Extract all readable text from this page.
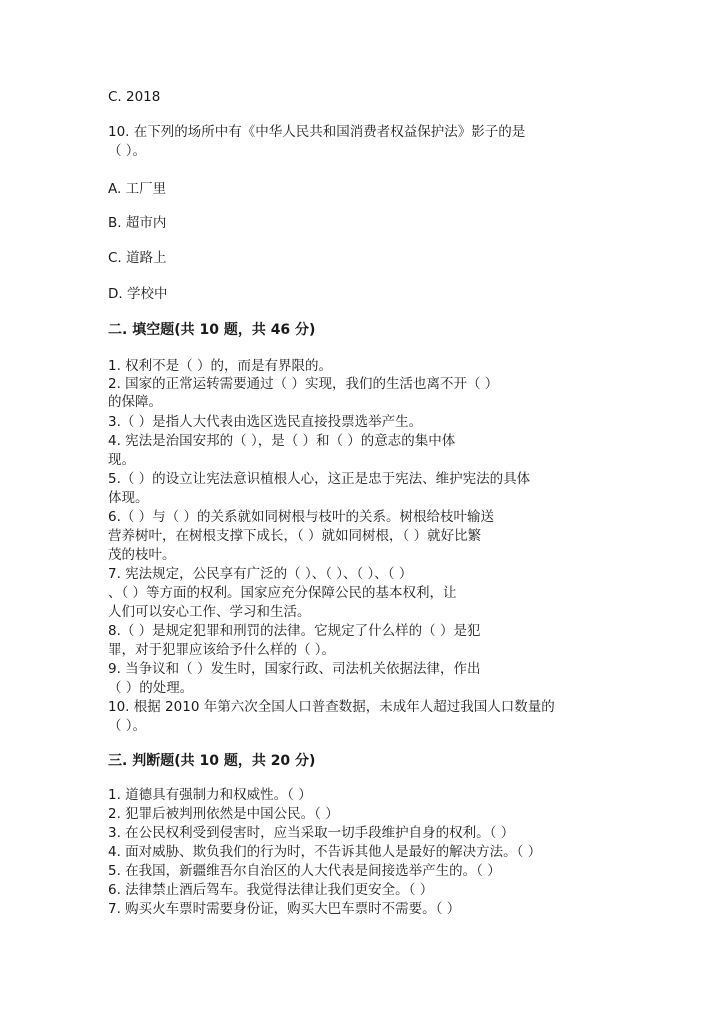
C. 2018
10. 在下列的场所中有《中华人民共和国消费者权益保护法》影子的是
（ ）。
A. 工厂里
B. 超市内
C. 道路上
D. 学校中
二. 填空题(共 10 题，共 46 分)
1. 权利不是（ ）的，而是有界限的。
2. 国家的正常运转需要通过（ ）实现，我们的生活也离不开（ ）
的保障。
3.（ ）是指人大代表由选区选民直接投票选举产生。
4. 宪法是治国安邦的（ ），是（ ）和（ ）的意志的集中体
现。
5.（ ）的设立让宪法意识植根人心，这正是忠于宪法、维护宪法的具体
体现。
6.（ ）与（ ）的关系就如同树根与枝叶的关系。树根给枝叶输送
营养树叶，在树根支撑下成长，（ ）就如同树根，（ ）就好比繁
茂的枝叶。
7. 宪法规定，公民享有广泛的（ ）、（ ）、（ ）、（ ）
、（ ）等方面的权利。国家应充分保障公民的基本权利，让
人们可以安心工作、学习和生活。
8.（ ）是规定犯罪和刑罚的法律。它规定了什么样的（ ）是犯
罪，对于犯罪应该给予什么样的（ ）。
9. 当争议和（ ）发生时，国家行政、司法机关依据法律，作出
（ ）的处理。
10. 根据 2010 年第六次全国人口普查数据，未成年人超过我国人口数量的
（ ）。
三. 判断题(共 10 题，共 20 分)
1. 道德具有强制力和权威性。（ ）
2. 犯罪后被判刑依然是中国公民。（ ）
3. 在公民权利受到侵害时，应当采取一切手段维护自身的权利。（ ）
4. 面对威胁、欺负我们的行为时，不告诉其他人是最好的解决方法。（ ）
5. 在我国，新疆维吾尔自治区的人大代表是间接选举产生的。（ ）
6. 法律禁止酒后驾车。我觉得法律让我们更安全。（ ）
7. 购买火车票时需要身份证，购买大巴车票时不需要。（ ）
